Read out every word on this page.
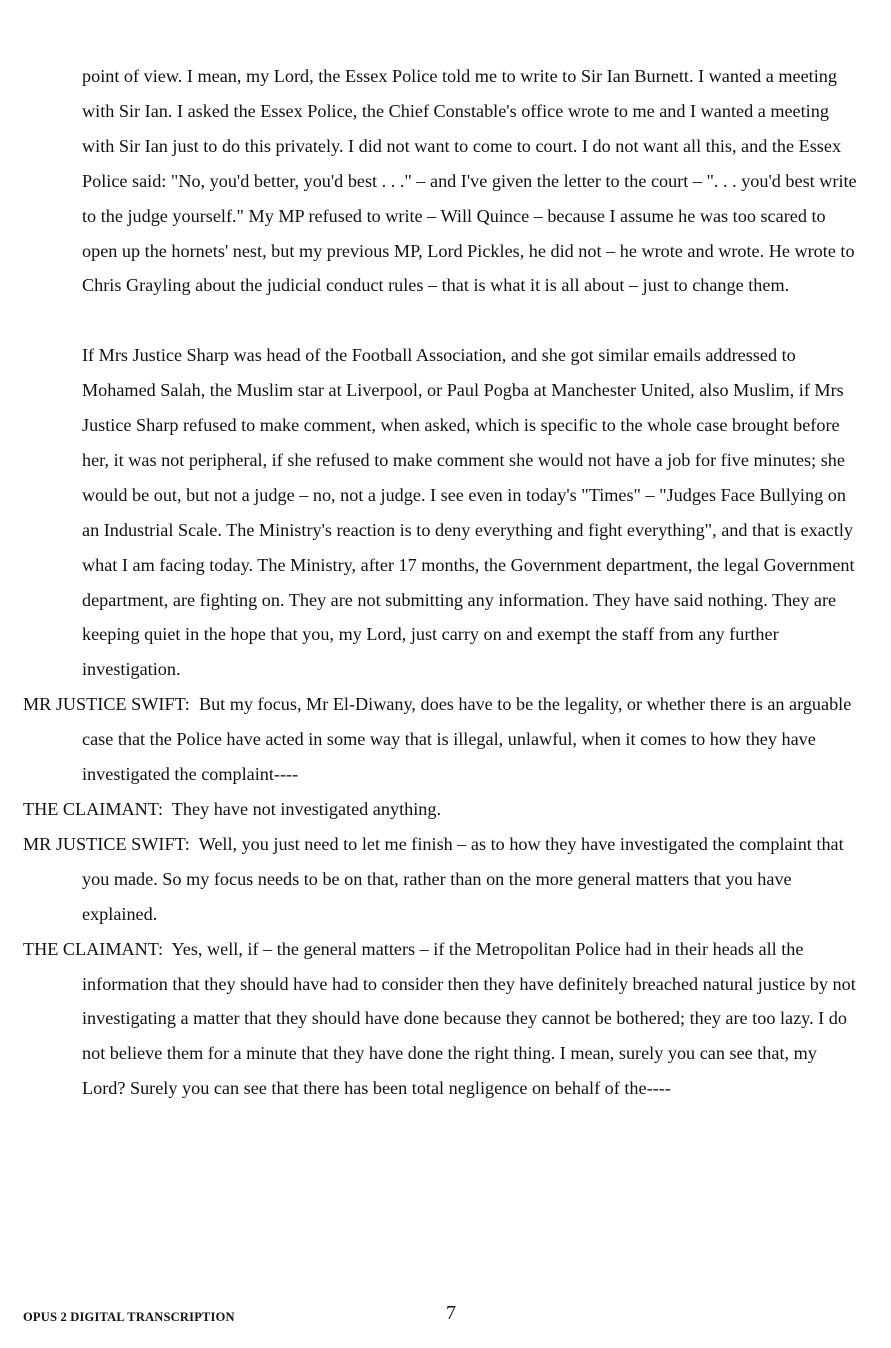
point of view. I mean, my Lord, the Essex Police told me to write to Sir Ian Burnett. I wanted a meeting with Sir Ian. I asked the Essex Police, the Chief Constable's office wrote to me and I wanted a meeting with Sir Ian just to do this privately. I did not want to come to court. I do not want all this, and the Essex Police said: "No, you'd better, you'd best . . ." – and I've given the letter to the court – ". . . you'd best write to the judge yourself." My MP refused to write – Will Quince – because I assume he was too scared to open up the hornets' nest, but my previous MP, Lord Pickles, he did not – he wrote and wrote. He wrote to Chris Grayling about the judicial conduct rules – that is what it is all about – just to change them.

If Mrs Justice Sharp was head of the Football Association, and she got similar emails addressed to Mohamed Salah, the Muslim star at Liverpool, or Paul Pogba at Manchester United, also Muslim, if Mrs Justice Sharp refused to make comment, when asked, which is specific to the whole case brought before her, it was not peripheral, if she refused to make comment she would not have a job for five minutes; she would be out, but not a judge – no, not a judge. I see even in today's "Times" – "Judges Face Bullying on an Industrial Scale. The Ministry's reaction is to deny everything and fight everything", and that is exactly what I am facing today. The Ministry, after 17 months, the Government department, the legal Government department, are fighting on. They are not submitting any information. They have said nothing. They are keeping quiet in the hope that you, my Lord, just carry on and exempt the staff from any further investigation.

MR JUSTICE SWIFT: But my focus, Mr El-Diwany, does have to be the legality, or whether there is an arguable case that the Police have acted in some way that is illegal, unlawful, when it comes to how they have investigated the complaint----

THE CLAIMANT: They have not investigated anything.

MR JUSTICE SWIFT: Well, you just need to let me finish – as to how they have investigated the complaint that you made. So my focus needs to be on that, rather than on the more general matters that you have explained.

THE CLAIMANT: Yes, well, if – the general matters – if the Metropolitan Police had in their heads all the information that they should have had to consider then they have definitely breached natural justice by not investigating a matter that they should have done because they cannot be bothered; they are too lazy. I do not believe them for a minute that they have done the right thing. I mean, surely you can see that, my Lord? Surely you can see that there has been total negligence on behalf of the----

OPUS 2 DIGITAL TRANSCRIPTION	7
